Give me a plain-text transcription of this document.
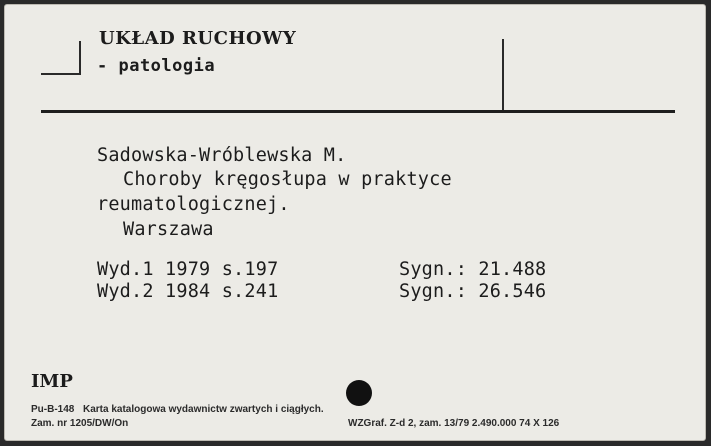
UKŁAD RUCHOWY
- patologia
Sadowska-Wróblewska M.
Choroby kręgosłupa w praktyce
reumatologicznej.
Warszawa
Wyd.1 1979 s.197	Sygn.: 21.488
Wyd.2 1984 s.241	Sygn.: 26.546
IMP
Pu-B-148 Karta katalogowa wydawnictw zwartych i ciągłych.
Zam. nr 1205/DW/On	WZGraf. Z-d 2, zam. 13/79 2.490.000 74 X 126
